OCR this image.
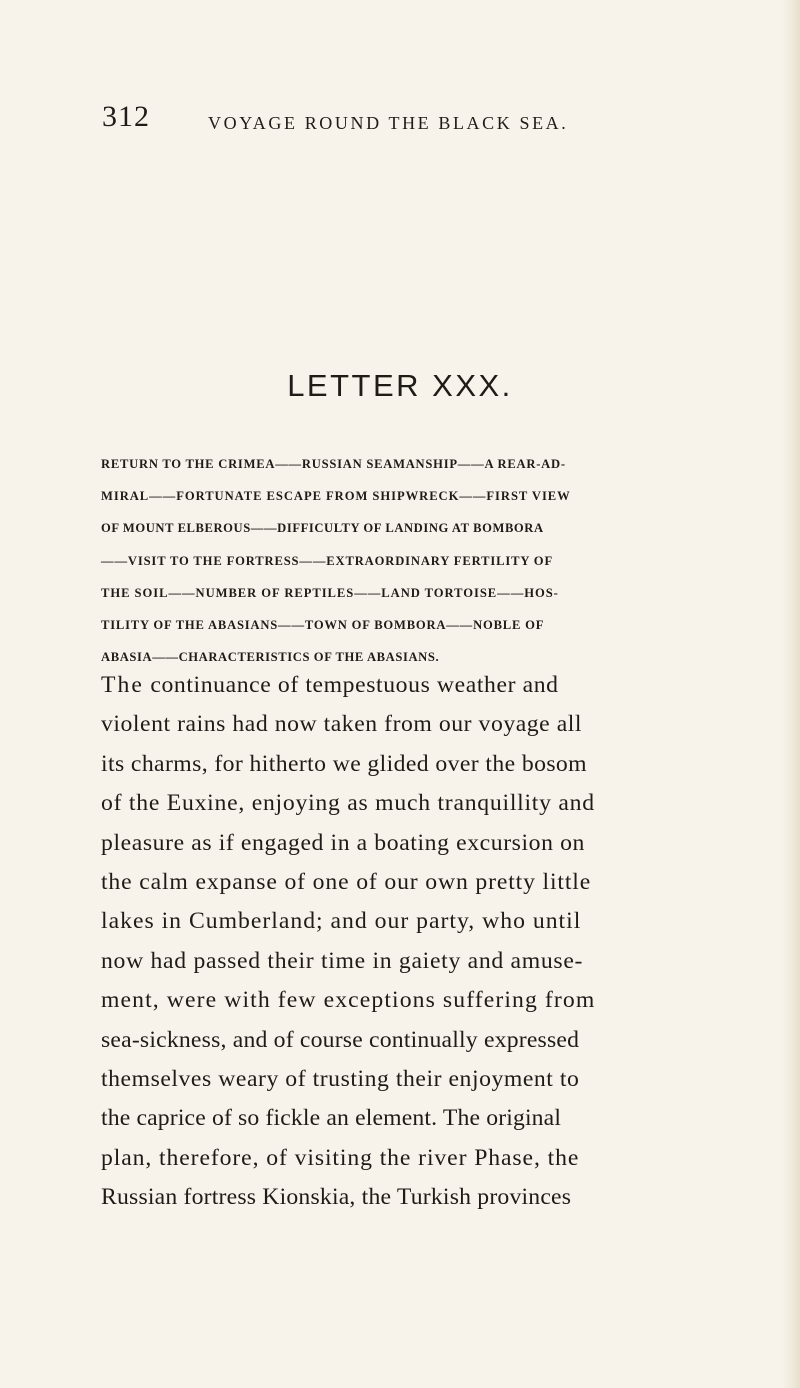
312	VOYAGE ROUND THE BLACK SEA.
LETTER XXX.
RETURN TO THE CRIMEA——RUSSIAN SEAMANSHIP——A REAR-AD-
MIRAL——FORTUNATE ESCAPE FROM SHIPWRECK——FIRST VIEW
OF MOUNT ELBEROUS——DIFFICULTY OF LANDING AT BOMBORA
——VISIT TO THE FORTRESS——EXTRAORDINARY FERTILITY OF
THE SOIL——NUMBER OF REPTILES——LAND TORTOISE——HOS-
TILITY OF THE ABASIANS——TOWN OF BOMBORA——NOBLE OF
ABASIA——CHARACTERISTICS OF THE ABASIANS.
The continuance of tempestuous weather and
violent rains had now taken from our voyage all
its charms, for hitherto we glided over the bosom
of the Euxine, enjoying as much tranquillity and
pleasure as if engaged in a boating excursion on
the calm expanse of one of our own pretty little
lakes in Cumberland; and our party, who until
now had passed their time in gaiety and amuse-
ment, were with few exceptions suffering from
sea-sickness, and of course continually expressed
themselves weary of trusting their enjoyment to
the caprice of so fickle an element. The original
plan, therefore, of visiting the river Phase, the
Russian fortress Kionskia, the Turkish provinces
